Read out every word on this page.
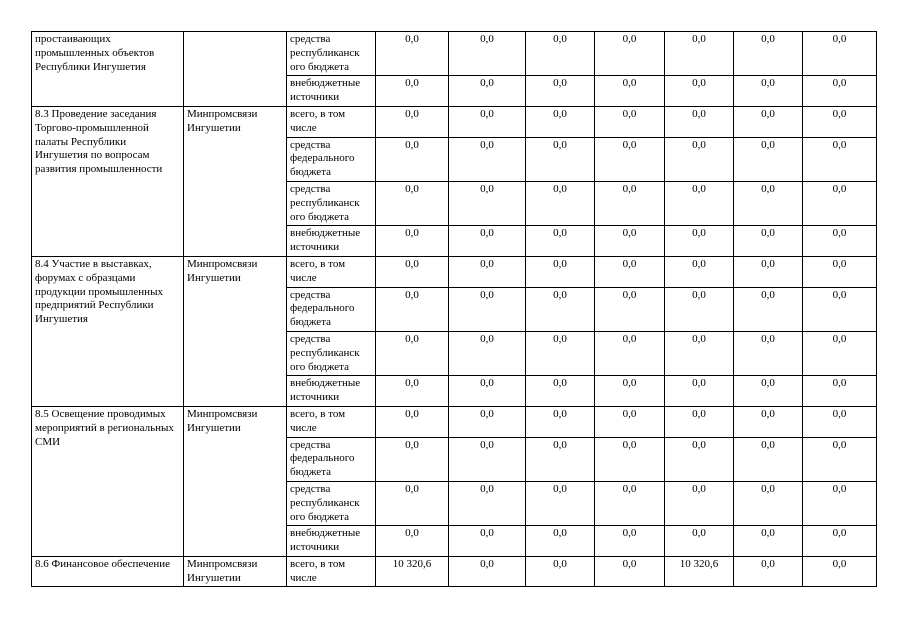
простаивающих промышленных объектов Республики Ингушетия		средства республиканск ого бюджета	0,0	0,0	0,0	0,0	0,0	0,0	0,0
		внебюджетные источники	0,0	0,0	0,0	0,0	0,0	0,0	0,0
8.3 Проведение заседания Торгово-промышленной палаты Республики Ингушетия по вопросам развития промышленности	Минпромсвязи Ингушетии	всего, в том числе	0,0	0,0	0,0	0,0	0,0	0,0	0,0
		средства федерального бюджета	0,0	0,0	0,0	0,0	0,0	0,0	0,0
		средства республиканск ого бюджета	0,0	0,0	0,0	0,0	0,0	0,0	0,0
		внебюджетные источники	0,0	0,0	0,0	0,0	0,0	0,0	0,0
8.4 Участие в выставках, форумах с образцами продукции промышленных предприятий Республики Ингушетия	Минпромсвязи Ингушетии	всего, в том числе	0,0	0,0	0,0	0,0	0,0	0,0	0,0
		средства федерального бюджета	0,0	0,0	0,0	0,0	0,0	0,0	0,0
		средства республиканск ого бюджета	0,0	0,0	0,0	0,0	0,0	0,0	0,0
		внебюджетные источники	0,0	0,0	0,0	0,0	0,0	0,0	0,0
8.5 Освещение проводимых мероприятий в региональных СМИ	Минпромсвязи Ингушетии	всего, в том числе	0,0	0,0	0,0	0,0	0,0	0,0	0,0
		средства федерального бюджета	0,0	0,0	0,0	0,0	0,0	0,0	0,0
		средства республиканск ого бюджета	0,0	0,0	0,0	0,0	0,0	0,0	0,0
		внебюджетные источники	0,0	0,0	0,0	0,0	0,0	0,0	0,0
8.6 Финансовое обеспечение	Минпромсвязи Ингушетии	всего, в том числе	10 320,6	0,0	0,0	0,0	10 320,6	0,0	0,0
